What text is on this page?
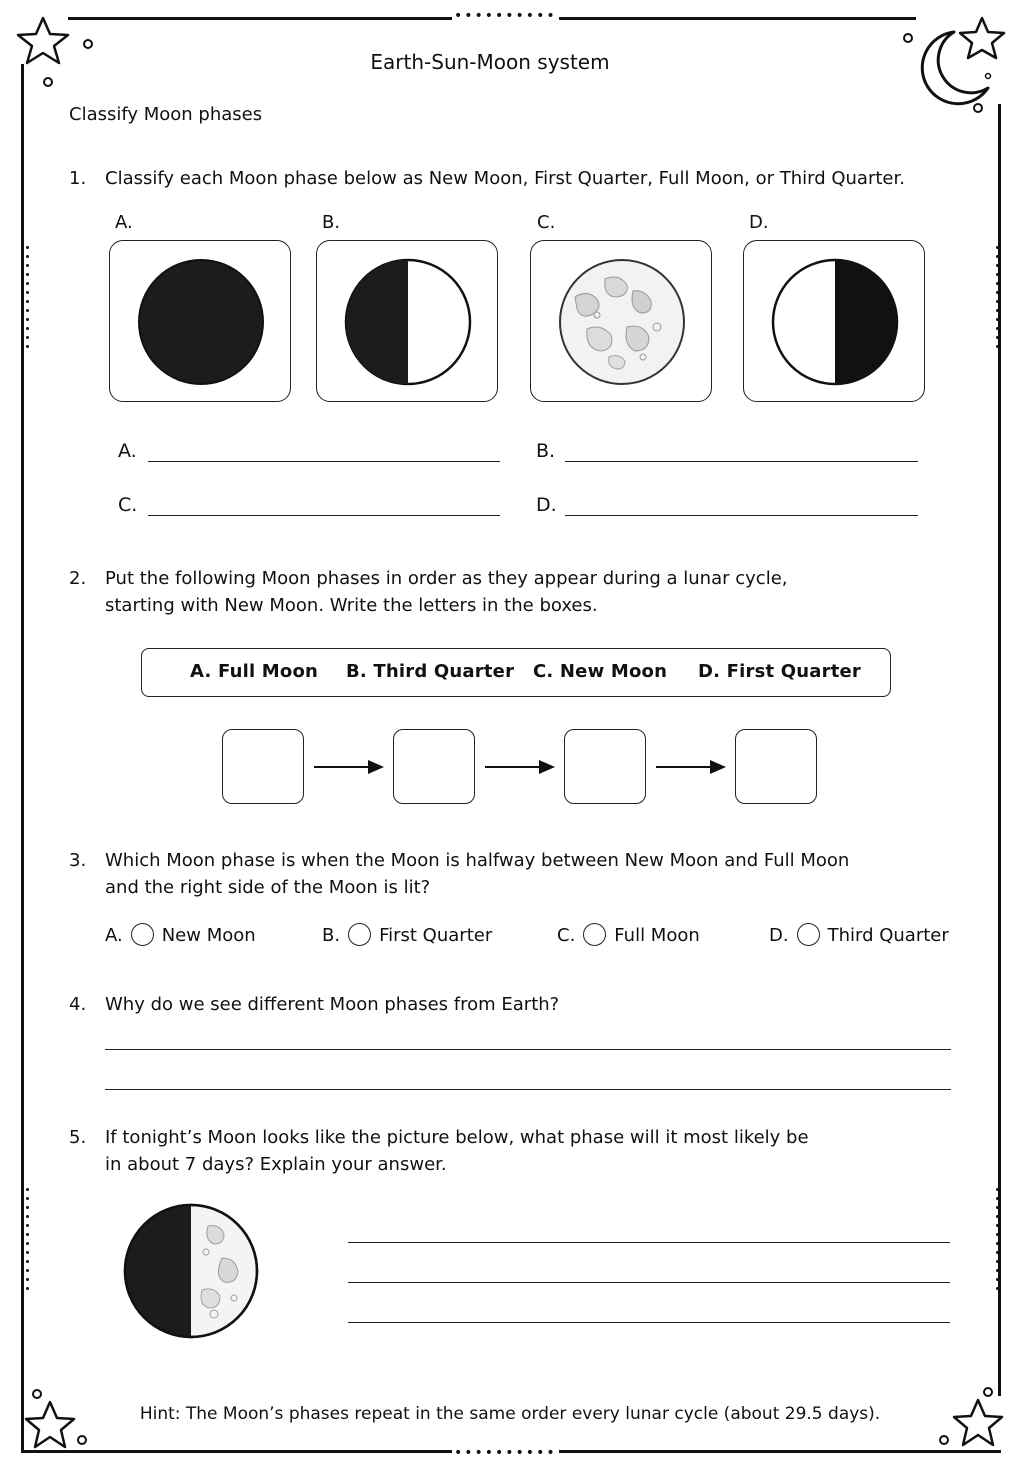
••••••••••
••••••••••
Earth-Sun-Moon system
Classify Moon phases
1.	Classify each Moon phase below as New Moon, First Quarter, Full Moon, or Third Quarter.
A.	B.	C.	D.
A.	B.
C.	D.
2.	Put the following Moon phases in order as they appear during a lunar cycle,
starting with New Moon. Write the letters in the boxes.
A. Full Moon B. Third Quarter C. New Moon D. First Quarter
3.	Which Moon phase is when the Moon is halfway between New Moon and Full Moon
and the right side of the Moon is lit?
A. New Moon	B. First Quarter	C. Full Moon	D. Third Quarter
4.	Why do we see different Moon phases from Earth?
5.	If tonight’s Moon looks like the picture below, what phase will it most likely be
in about 7 days? Explain your answer.
Hint: The Moon’s phases repeat in the same order every lunar cycle (about 29.5 days).
